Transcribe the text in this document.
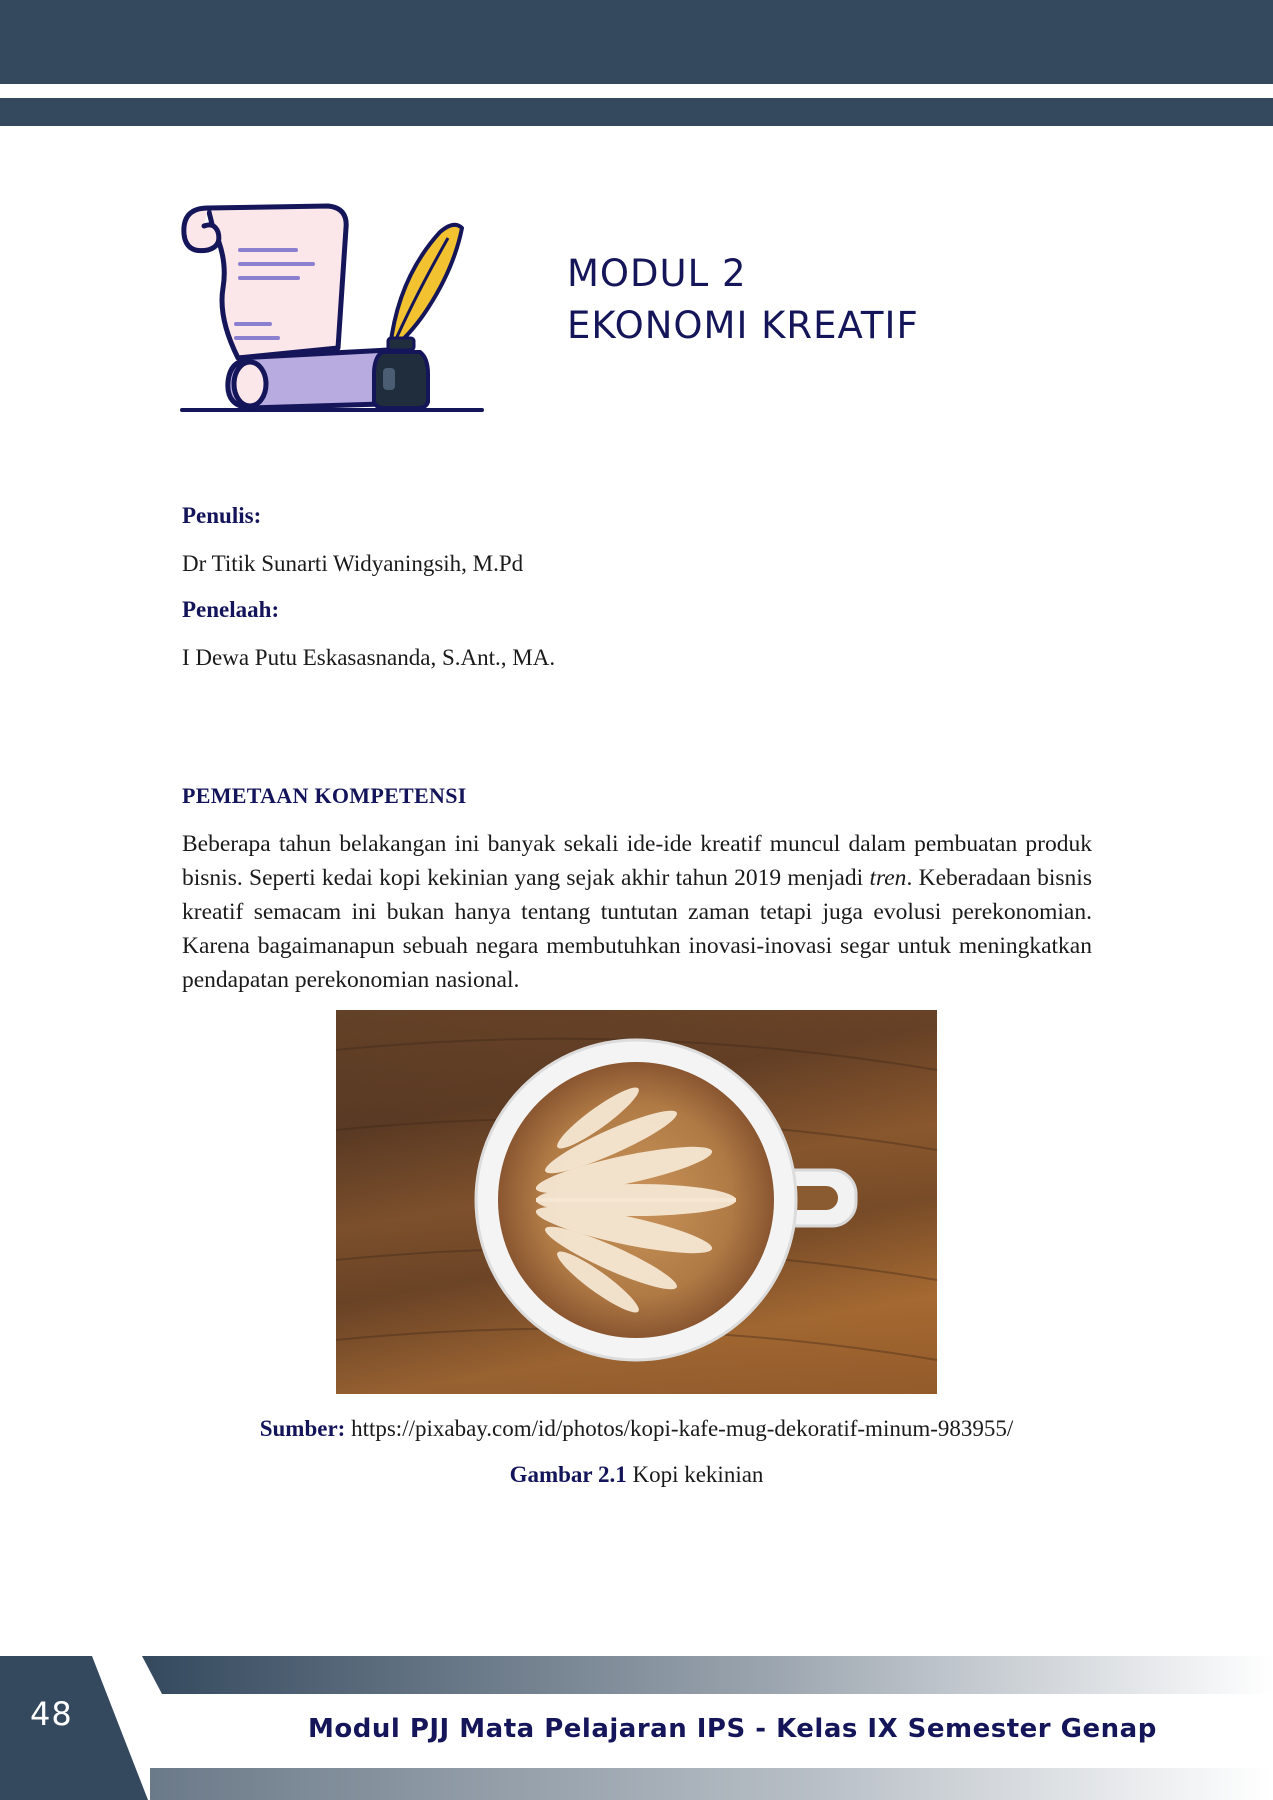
MODUL 2
EKONOMI KREATIF
Penulis:
Dr Titik Sunarti Widyaningsih, M.Pd
Penelaah:
I Dewa Putu Eskasasnanda, S.Ant., MA.
PEMETAAN KOMPETENSI
Beberapa tahun belakangan ini banyak sekali ide-ide kreatif muncul dalam pembuatan produk bisnis. Seperti kedai kopi kekinian yang sejak akhir tahun 2019 menjadi tren. Keberadaan bisnis kreatif semacam ini bukan hanya tentang tuntutan zaman tetapi juga evolusi perekonomian. Karena bagaimanapun sebuah negara membutuhkan inovasi-inovasi segar untuk meningkatkan pendapatan perekonomian nasional.
Sumber: https://pixabay.com/id/photos/kopi-kafe-mug-dekoratif-minum-983955/
Gambar 2.1 Kopi kekinian
48	Modul PJJ Mata Pelajaran IPS - Kelas IX Semester Genap
